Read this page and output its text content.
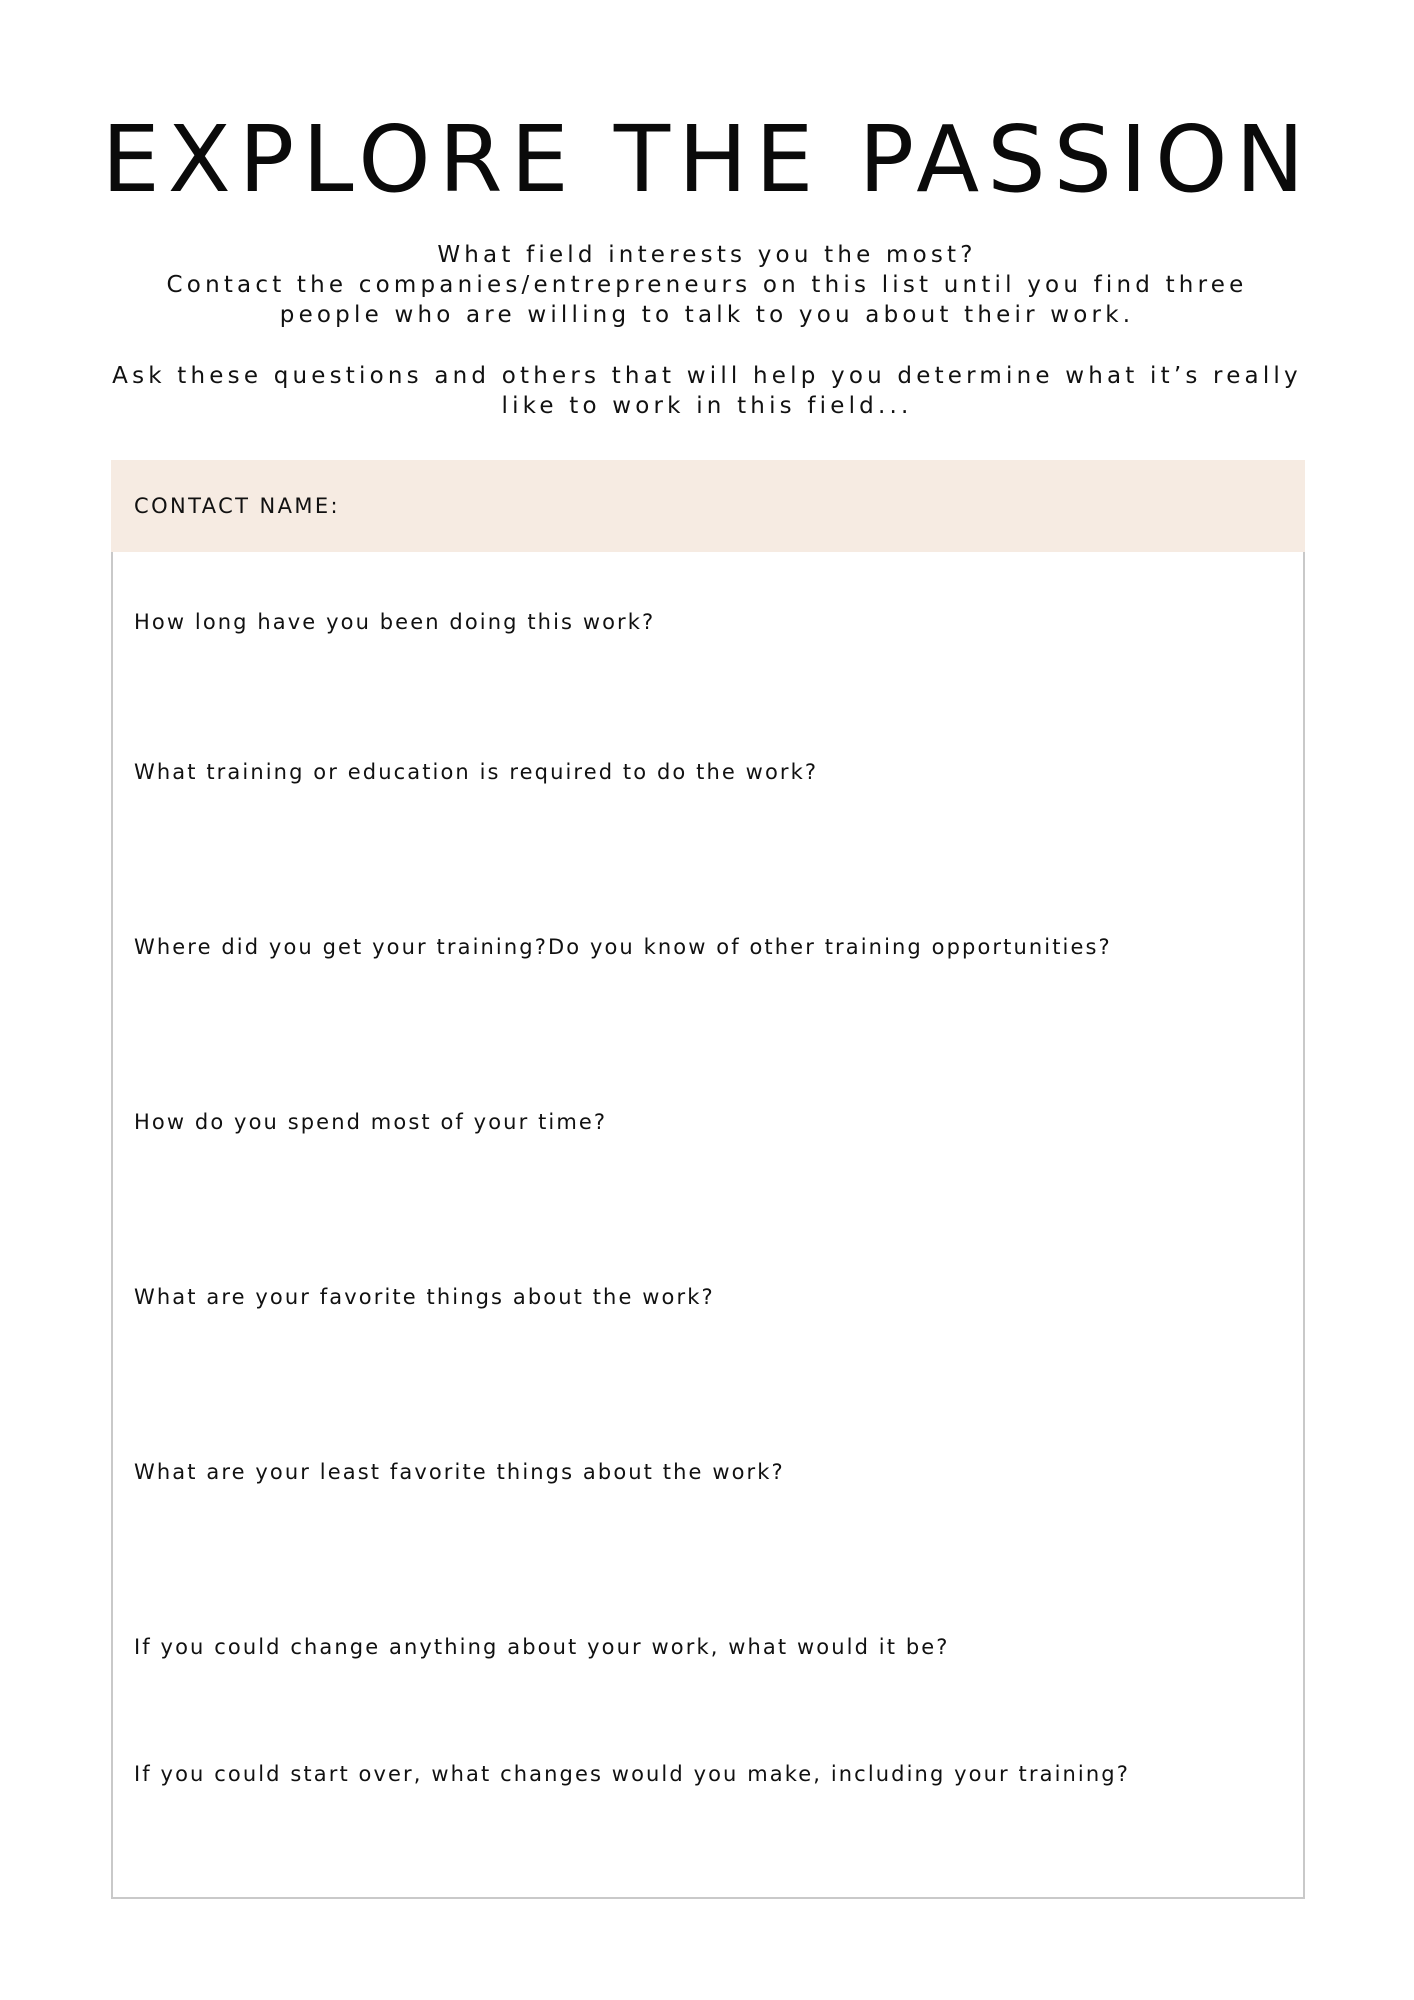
EXPLORE THE PASSION

What field interests you the most?
Contact the companies/entrepreneurs on this list until you find three
people who are willing to talk to you about their work.

Ask these questions and others that will help you determine what it’s really
like to work in this field...

CONTACT NAME:
How long have you been doing this work?
What training or education is required to do the work?
Where did you get your training?Do you know of other training opportunities?
How do you spend most of your time?
What are your favorite things about the work?
What are your least favorite things about the work?
If you could change anything about your work, what would it be?
If you could start over, what changes would you make, including your training?
